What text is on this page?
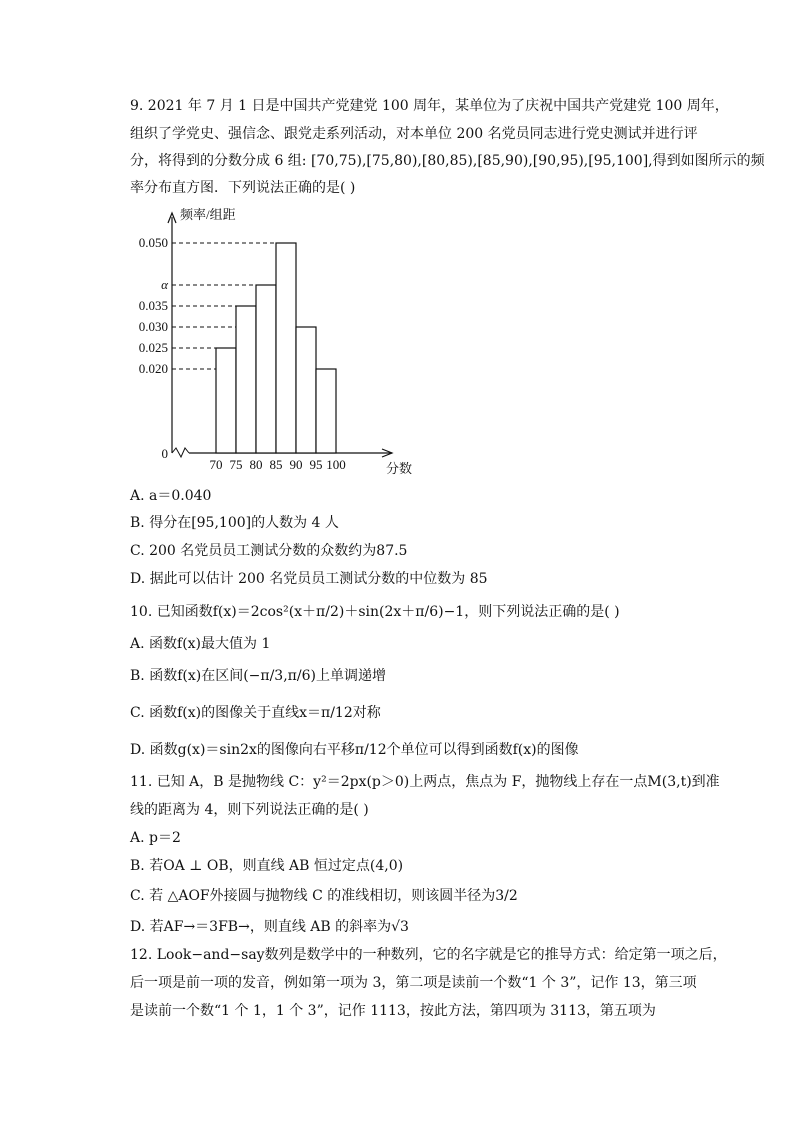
9. 2021 年 7 月 1 日是中国共产党建党 100 周年，某单位为了庆祝中国共产党建党 100 周年，
组织了学党史、强信念、跟党走系列活动，对本单位 200 名党员同志进行党史测试并进行评
分，将得到的分数分成 6 组: [70,75),[75,80),[80,85),[85,90),[90,95),[95,100],得到如图所示的频
率分布直方图．下列说法正确的是( )
频率/组距
0.050
α
0.035
0.030
0.025
0.020
0
70 75 80 85 90 95 100	分数
A. a＝0.040
B. 得分在[95,100]的人数为 4 人
C. 200 名党员员工测试分数的众数约为87.5
D. 据此可以估计 200 名党员员工测试分数的中位数为 85
10. 已知函数f(x)＝2cos²(x＋π/2)＋sin(2x＋π/6)−1，则下列说法正确的是( )
A. 函数f(x)最大值为 1
B. 函数f(x)在区间(−π/3,π/6)上单调递增
C. 函数f(x)的图像关于直线x＝π/12对称
D. 函数g(x)＝sin2x的图像向右平移π/12个单位可以得到函数f(x)的图像
11. 已知 A，B 是抛物线 C：y²＝2px(p＞0)上两点，焦点为 F，抛物线上存在一点M(3,t)到准
线的距离为 4，则下列说法正确的是( )
A. p＝2
B. 若OA ⊥ OB，则直线 AB 恒过定点(4,0)
C. 若 △AOF外接圆与抛物线 C 的准线相切，则该圆半径为3/2
D. 若AF→＝3FB→，则直线 AB 的斜率为√3
12. Look−and−say数列是数学中的一种数列，它的名字就是它的推导方式：给定第一项之后，
后一项是前一项的发音，例如第一项为 3，第二项是读前一个数“1 个 3”，记作 13，第三项
是读前一个数“1 个 1，1 个 3”，记作 1113，按此方法，第四项为 3113，第五项为
